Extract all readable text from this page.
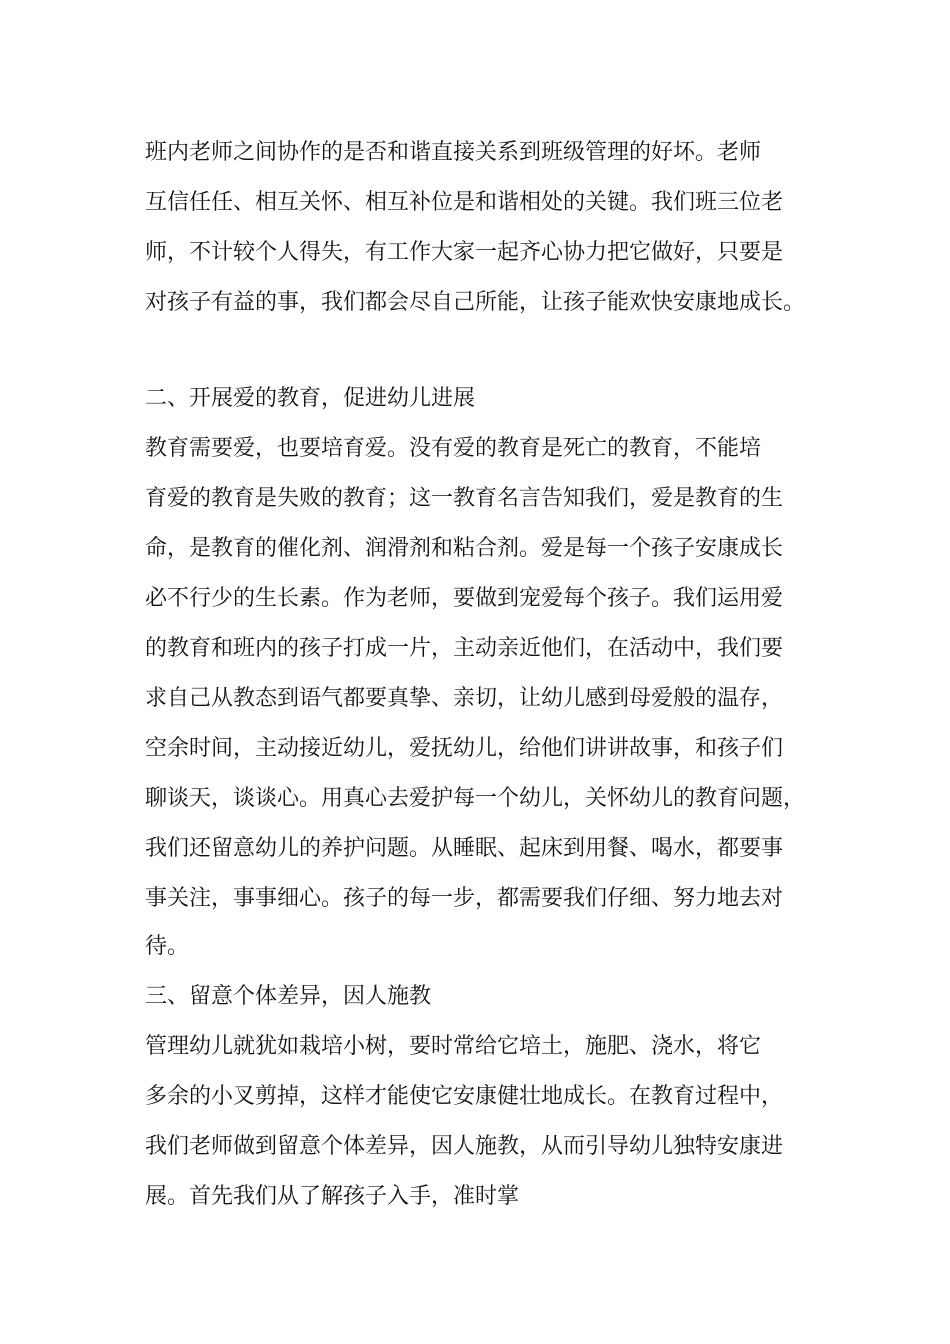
班内老师之间协作的是否和谐直接关系到班级管理的好坏。老师

互信任任、相互关怀、相互补位是和谐相处的关键。我们班三位老

师，不计较个人得失，有工作大家一起齐心协力把它做好，只要是

对孩子有益的事，我们都会尽自己所能，让孩子能欢快安康地成长。

二、开展爱的教育，促进幼儿进展

教育需要爱，也要培育爱。没有爱的教育是死亡的教育，不能培

育爱的教育是失败的教育；这一教育名言告知我们，爱是教育的生

命，是教育的催化剂、润滑剂和粘合剂。爱是每一个孩子安康成长

必不行少的生长素。作为老师，要做到宠爱每个孩子。我们运用爱

的教育和班内的孩子打成一片，主动亲近他们，在活动中，我们要

求自己从教态到语气都要真挚、亲切，让幼儿感到母爱般的温存，

空余时间，主动接近幼儿，爱抚幼儿，给他们讲讲故事，和孩子们

聊谈天，谈谈心。用真心去爱护每一个幼儿，关怀幼儿的教育问题，

我们还留意幼儿的养护问题。从睡眠、起床到用餐、喝水，都要事

事关注，事事细心。孩子的每一步，都需要我们仔细、努力地去对

待。

三、留意个体差异，因人施教

管理幼儿就犹如栽培小树，要时常给它培土，施肥、浇水，将它

多余的小叉剪掉，这样才能使它安康健壮地成长。在教育过程中，

我们老师做到留意个体差异，因人施教，从而引导幼儿独特安康进

展。首先我们从了解孩子入手，准时掌
